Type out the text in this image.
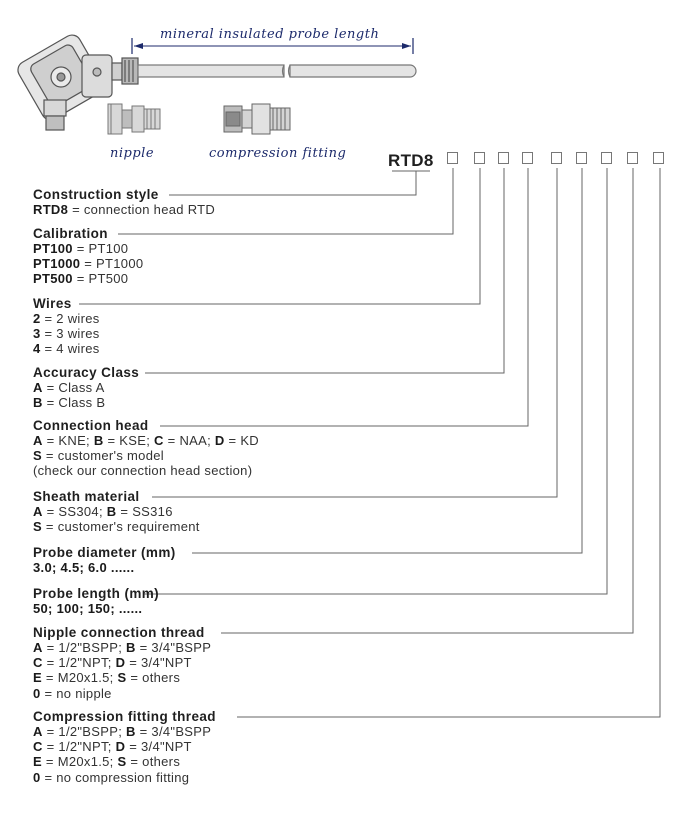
mineral insulated probe length
nipple	compression fitting RTD8
Construction style
RTD8 = connection head RTD
Calibration
PT100 = PT100
PT1000 = PT1000
PT500 = PT500
Wires
2 = 2 wires
3 = 3 wires
4 = 4 wires
Accuracy Class
A = Class A
B = Class B
Connection head
A = KNE; B = KSE; C = NAA; D = KD
S = customer's model
(check our connection head section)
Sheath material
A = SS304; B = SS316
S = customer's requirement
Probe diameter (mm)
3.0; 4.5; 6.0 ......
Probe length (mm)
50; 100; 150; ......
Nipple connection thread
A = 1/2"BSPP; B = 3/4"BSPP
C = 1/2"NPT; D = 3/4"NPT
E = M20x1.5; S = others
0 = no nipple
Compression fitting thread
A = 1/2"BSPP; B = 3/4"BSPP
C = 1/2"NPT; D = 3/4"NPT
E = M20x1.5; S = others
0 = no compression fitting
